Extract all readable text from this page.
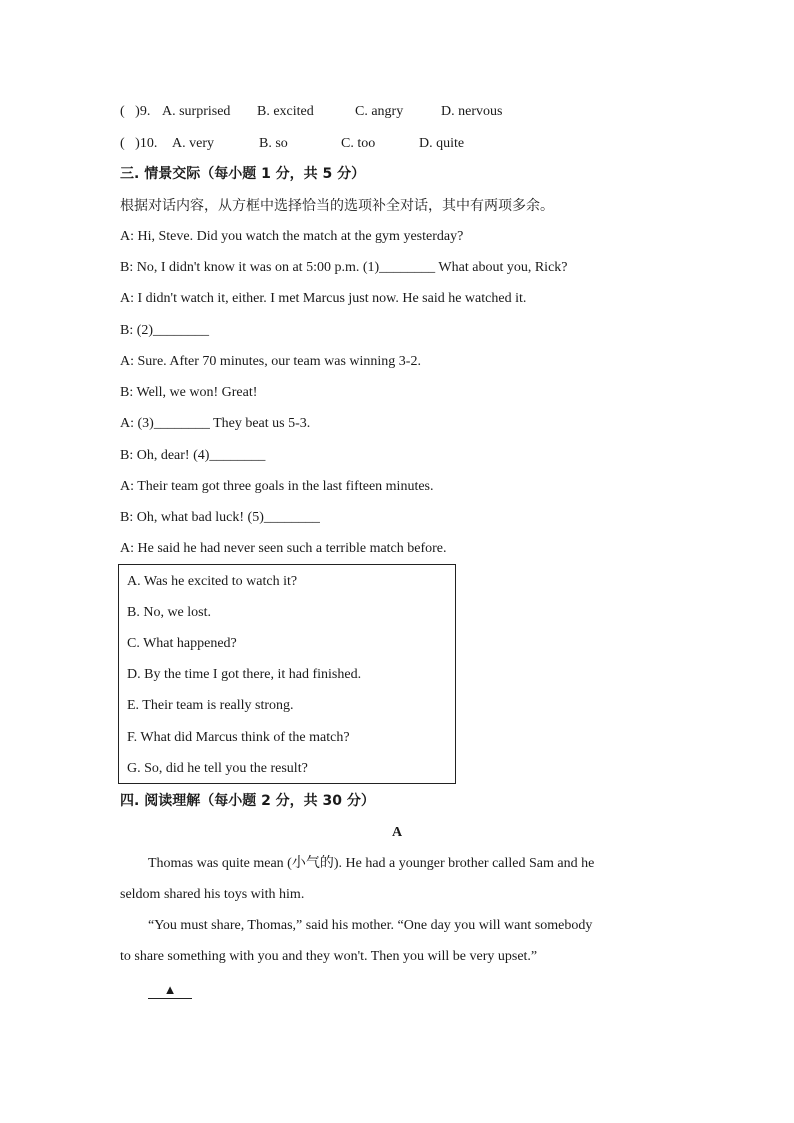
(   )9. A. surprised B. excited	C. angry	D. nervous
(   )10. A. very	B. so	C. too	D. quite
三. 情景交际（每小题 1 分，共 5 分）
根据对话内容，从方框中选择恰当的选项补全对话，其中有两项多余。
A: Hi, Steve. Did you watch the match at the gym yesterday?
B: No, I didn't know it was on at 5:00 p.m. (1)________ What about you, Rick?
A: I didn't watch it, either. I met Marcus just now. He said he watched it.
B: (2)________
A: Sure. After 70 minutes, our team was winning 3-2.
B: Well, we won! Great!
A: (3)________ They beat us 5-3.
B: Oh, dear! (4)________
A: Their team got three goals in the last fifteen minutes.
B: Oh, what bad luck! (5)________
A: He said he had never seen such a terrible match before.
A. Was he excited to watch it?
B. No, we lost.
C. What happened?
D. By the time I got there, it had finished.
E. Their team is really strong.
F. What did Marcus think of the match?
G. So, did he tell you the result?
四. 阅读理解（每小题 2 分，共 30 分）
A
Thomas was quite mean (小气的). He had a younger brother called Sam and he
seldom shared his toys with him.
“You must share, Thomas,” said his mother. “One day you will want somebody
to share something with you and they won't. Then you will be very upset.”
▲
